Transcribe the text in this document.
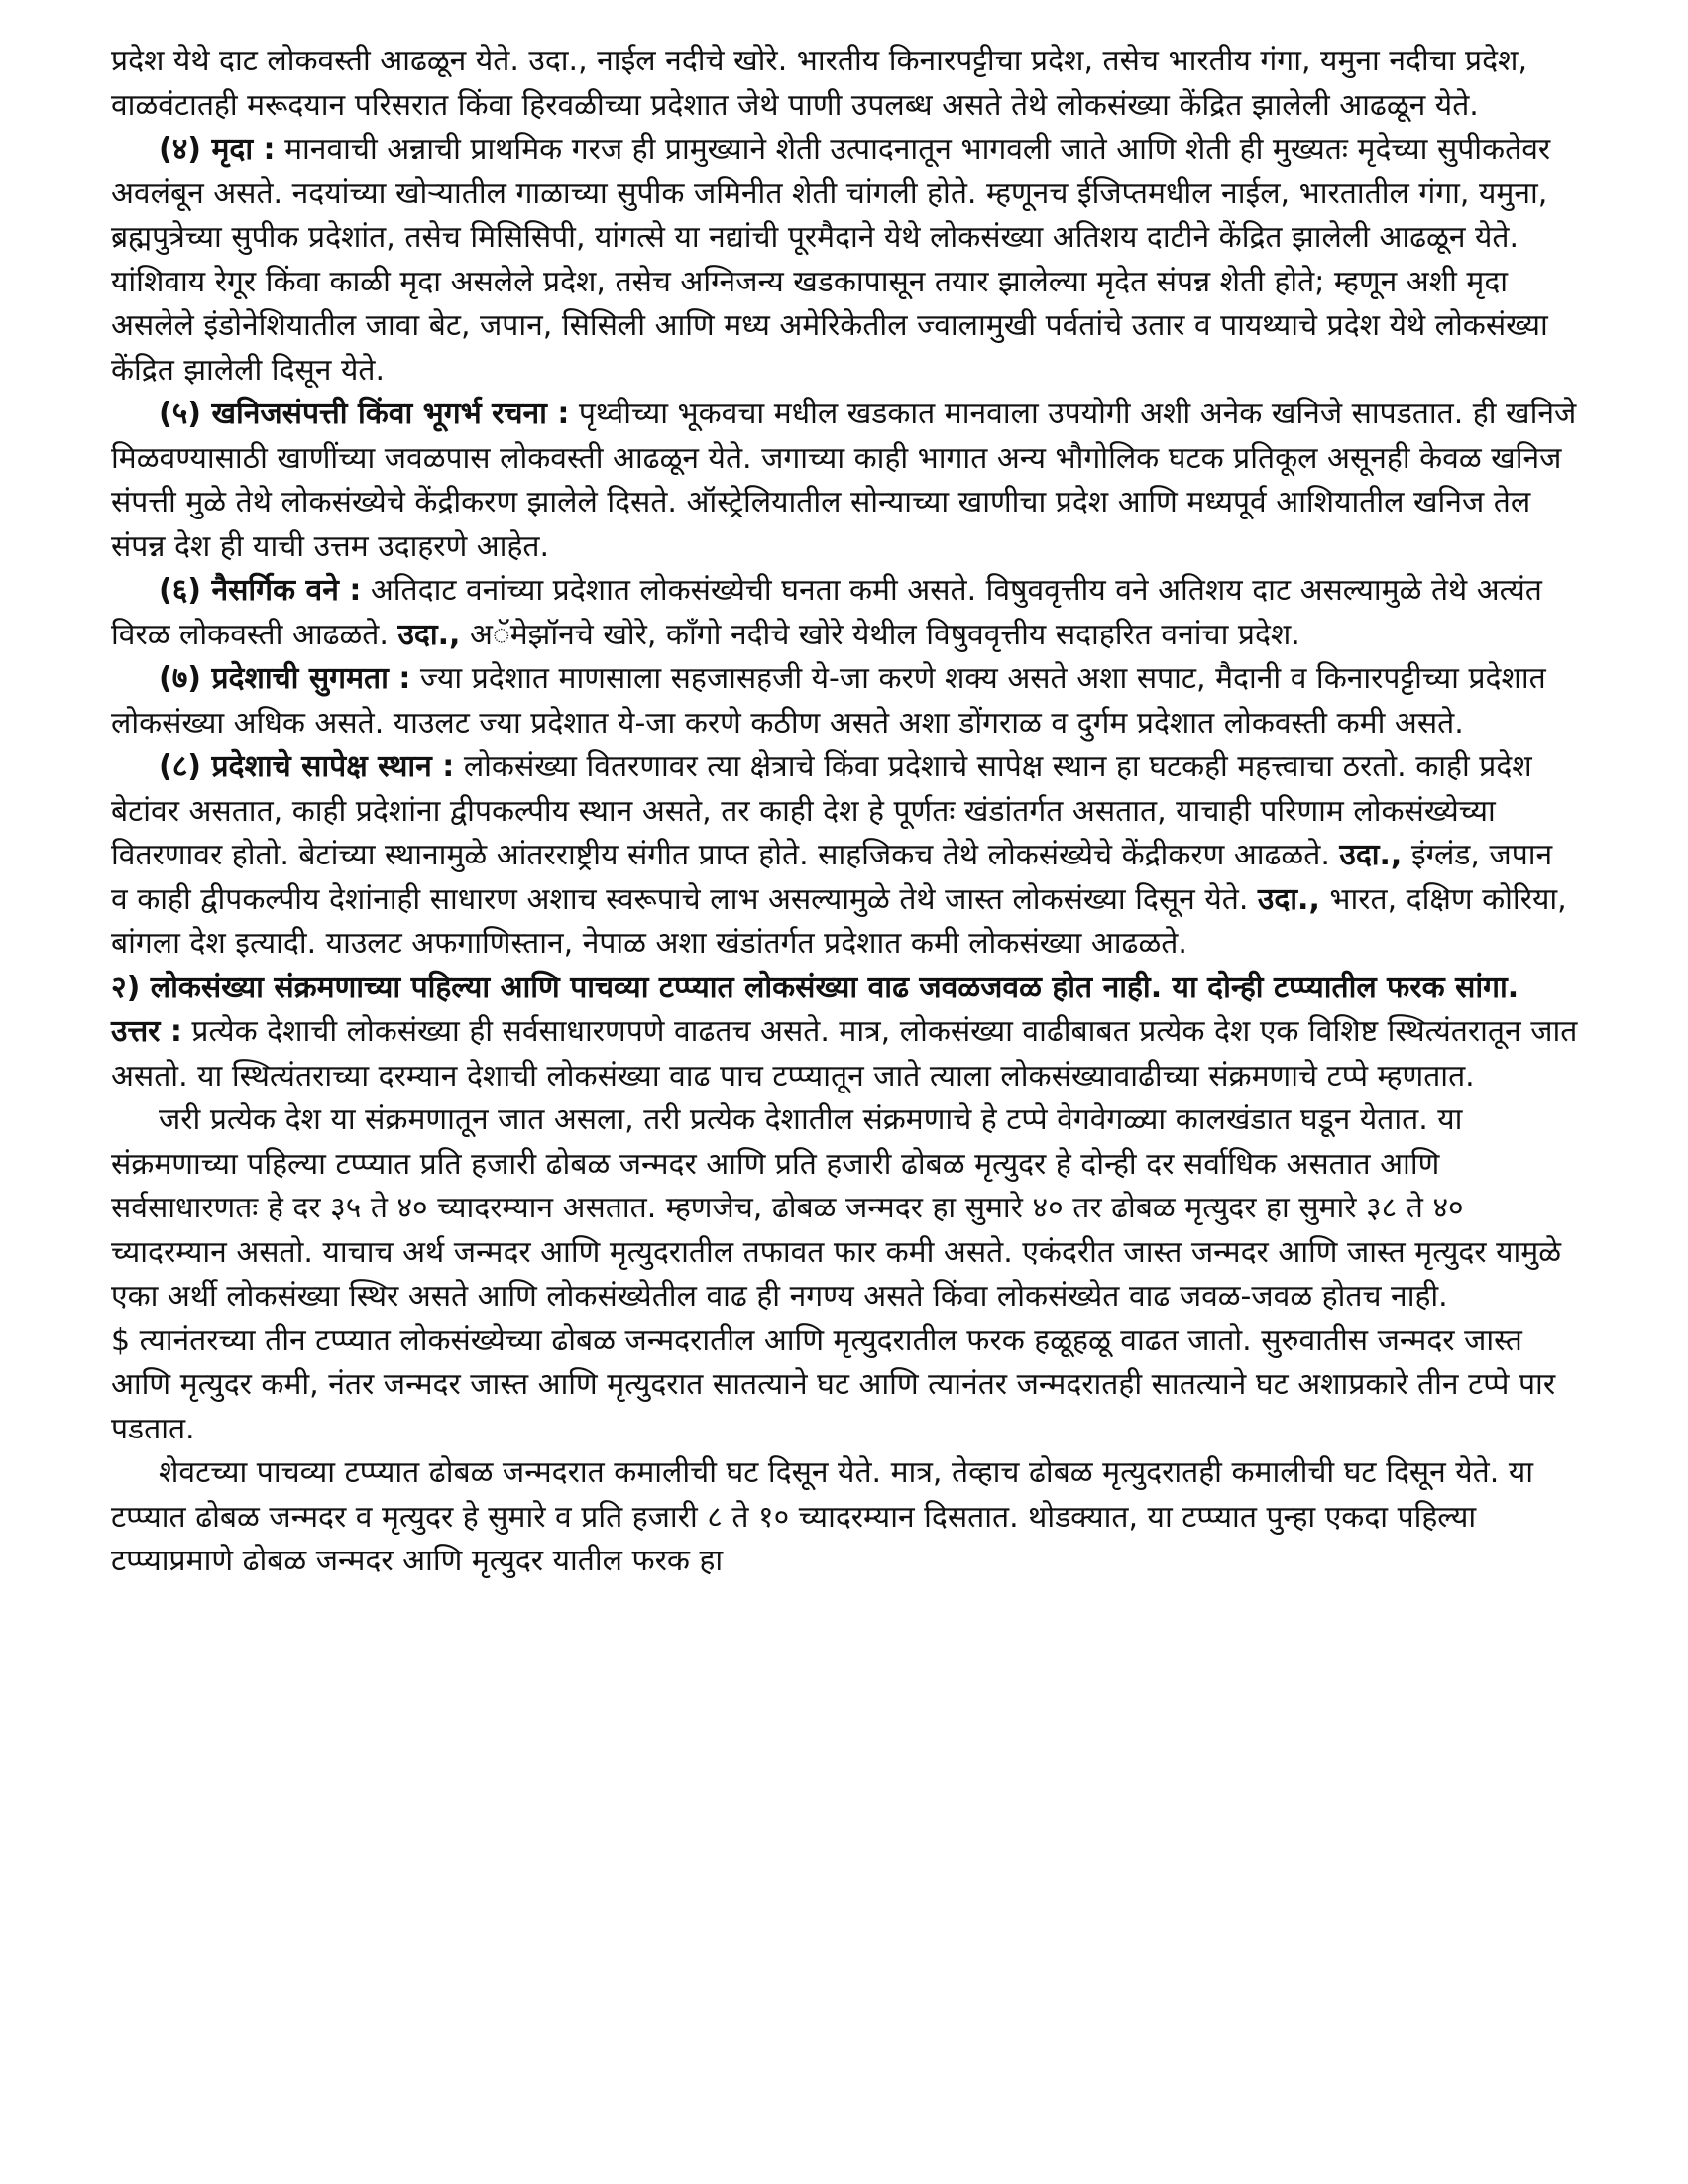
प्रदेश येथे दाट लोकवस्ती आढळून येते. उदा., नाईल नदीचे खोरे. भारतीय किनारपट्टीचा प्रदेश, तसेच भारतीय गंगा, यमुना नदीचा प्रदेश, वाळवंटातही मरूदयान परिसरात किंवा हिरवळीच्या प्रदेशात जेथे पाणी उपलब्ध असते तेथे लोकसंख्या केंद्रित झालेली आढळून येते.

(४) मृदा : मानवाची अन्नाची प्राथमिक गरज ही प्रामुख्याने शेती उत्पादनातून भागवली जाते आणि शेती ही मुख्यतः मृदेच्या सुपीकतेवर अवलंबून असते. नदयांच्या खोऱ्यातील गाळाच्या सुपीक जमिनीत शेती चांगली होते. म्हणूनच ईजिप्तमधील नाईल, भारतातील गंगा, यमुना, ब्रह्मपुत्रेच्या सुपीक प्रदेशांत, तसेच मिसिसिपी, यांगत्से या नद्यांची पूरमैदाने येथे लोकसंख्या अतिशय दाटीने केंद्रित झालेली आढळून येते. यांशिवाय रेगूर किंवा काळी मृदा असलेले प्रदेश, तसेच अग्निजन्य खडकापासून तयार झालेल्या मृदेत संपन्न शेती होते; म्हणून अशी मृदा असलेले इंडोनेशियातील जावा बेट, जपान, सिसिली आणि मध्य अमेरिकेतील ज्वालामुखी पर्वतांचे उतार व पायथ्याचे प्रदेश येथे लोकसंख्या केंद्रित झालेली दिसून येते.

(५) खनिजसंपत्ती किंवा भूगर्भ रचना : पृथ्वीच्या भूकवचा मधील खडकात मानवाला उपयोगी अशी अनेक खनिजे सापडतात. ही खनिजे मिळवण्यासाठी खाणींच्या जवळपास लोकवस्ती आढळून येते. जगाच्या काही भागात अन्य भौगोलिक घटक प्रतिकूल असूनही केवळ खनिज संपत्ती मुळे तेथे लोकसंख्येचे केंद्रीकरण झालेले दिसते. ऑस्ट्रेलियातील सोन्याच्या खाणीचा प्रदेश आणि मध्यपूर्व आशियातील खनिज तेल संपन्न देश ही याची उत्तम उदाहरणे आहेत.

(६) नैसर्गिक वने : अतिदाट वनांच्या प्रदेशात लोकसंख्येची घनता कमी असते. विषुववृत्तीय वने अतिशय दाट असल्यामुळे तेथे अत्यंत विरळ लोकवस्ती आढळते. उदा., अॅमेझॉनचे खोरे, काँगो नदीचे खोरे येथील विषुववृत्तीय सदाहरित वनांचा प्रदेश.

(७) प्रदेशाची सुगमता : ज्या प्रदेशात माणसाला सहजासहजी ये-जा करणे शक्य असते अशा सपाट, मैदानी व किनारपट्टीच्या प्रदेशात लोकसंख्या अधिक असते. याउलट ज्या प्रदेशात ये-जा करणे कठीण असते अशा डोंगराळ व दुर्गम प्रदेशात लोकवस्ती कमी असते.

(८) प्रदेशाचे सापेक्ष स्थान : लोकसंख्या वितरणावर त्या क्षेत्राचे किंवा प्रदेशाचे सापेक्ष स्थान हा घटकही महत्त्वाचा ठरतो. काही प्रदेश बेटांवर असतात, काही प्रदेशांना द्वीपकल्पीय स्थान असते, तर काही देश हे पूर्णतः खंडांतर्गत असतात, याचाही परिणाम लोकसंख्येच्या वितरणावर होतो. बेटांच्या स्थानामुळे आंतरराष्ट्रीय संगीत प्राप्त होते. साहजिकच तेथे लोकसंख्येचे केंद्रीकरण आढळते. उदा., इंग्लंड, जपान व काही द्वीपकल्पीय देशांनाही साधारण अशाच स्वरूपाचे लाभ असल्यामुळे तेथे जास्त लोकसंख्या दिसून येते. उदा., भारत, दक्षिण कोरिया, बांगला देश इत्यादी. याउलट अफगाणिस्तान, नेपाळ अशा खंडांतर्गत प्रदेशात कमी लोकसंख्या आढळते.

२) लोकसंख्या संक्रमणाच्या पहिल्या आणि पाचव्या टप्प्यात लोकसंख्या वाढ जवळजवळ होत नाही. या दोन्ही टप्प्यातील फरक सांगा.

उत्तर : प्रत्येक देशाची लोकसंख्या ही सर्वसाधारणपणे वाढतच असते. मात्र, लोकसंख्या वाढीबाबत प्रत्येक देश एक विशिष्ट स्थित्यंतरातून जात असतो. या स्थित्यंतराच्या दरम्यान देशाची लोकसंख्या वाढ पाच टप्प्यातून जाते त्याला लोकसंख्यावाढीच्या संक्रमणाचे टप्पे म्हणतात.

जरी प्रत्येक देश या संक्रमणातून जात असला, तरी प्रत्येक देशातील संक्रमणाचे हे टप्पे वेगवेगळ्या कालखंडात घडून येतात. या संक्रमणाच्या पहिल्या टप्प्यात प्रति हजारी ढोबळ जन्मदर आणि प्रति हजारी ढोबळ मृत्युदर हे दोन्ही दर सर्वाधिक असतात आणि सर्वसाधारणतः हे दर ३५ ते ४० च्यादरम्यान असतात. म्हणजेच, ढोबळ जन्मदर हा सुमारे ४० तर ढोबळ मृत्युदर हा सुमारे ३८ ते ४० च्यादरम्यान असतो. याचाच अर्थ जन्मदर आणि मृत्युदरातील तफावत फार कमी असते. एकंदरीत जास्त जन्मदर आणि जास्त मृत्युदर यामुळे एका अर्थी लोकसंख्या स्थिर असते आणि लोकसंख्येतील वाढ ही नगण्य असते किंवा लोकसंख्येत वाढ जवळ-जवळ होतच नाही.

$ त्यानंतरच्या तीन टप्प्यात लोकसंख्येच्या ढोबळ जन्मदरातील आणि मृत्युदरातील फरक हळूहळू वाढत जातो. सुरुवातीस जन्मदर जास्त आणि मृत्युदर कमी, नंतर जन्मदर जास्त आणि मृत्युदरात सातत्याने घट आणि त्यानंतर जन्मदरातही सातत्याने घट अशाप्रकारे तीन टप्पे पार पडतात.

शेवटच्या पाचव्या टप्प्यात ढोबळ जन्मदरात कमालीची घट दिसून येते. मात्र, तेव्हाच ढोबळ मृत्युदरातही कमालीची घट दिसून येते. या टप्प्यात ढोबळ जन्मदर व मृत्युदर हे सुमारे व प्रति हजारी ८ ते १० च्यादरम्यान दिसतात. थोडक्यात, या टप्प्यात पुन्हा एकदा पहिल्या टप्प्याप्रमाणे ढोबळ जन्मदर आणि मृत्युदर यातील फरक हा
